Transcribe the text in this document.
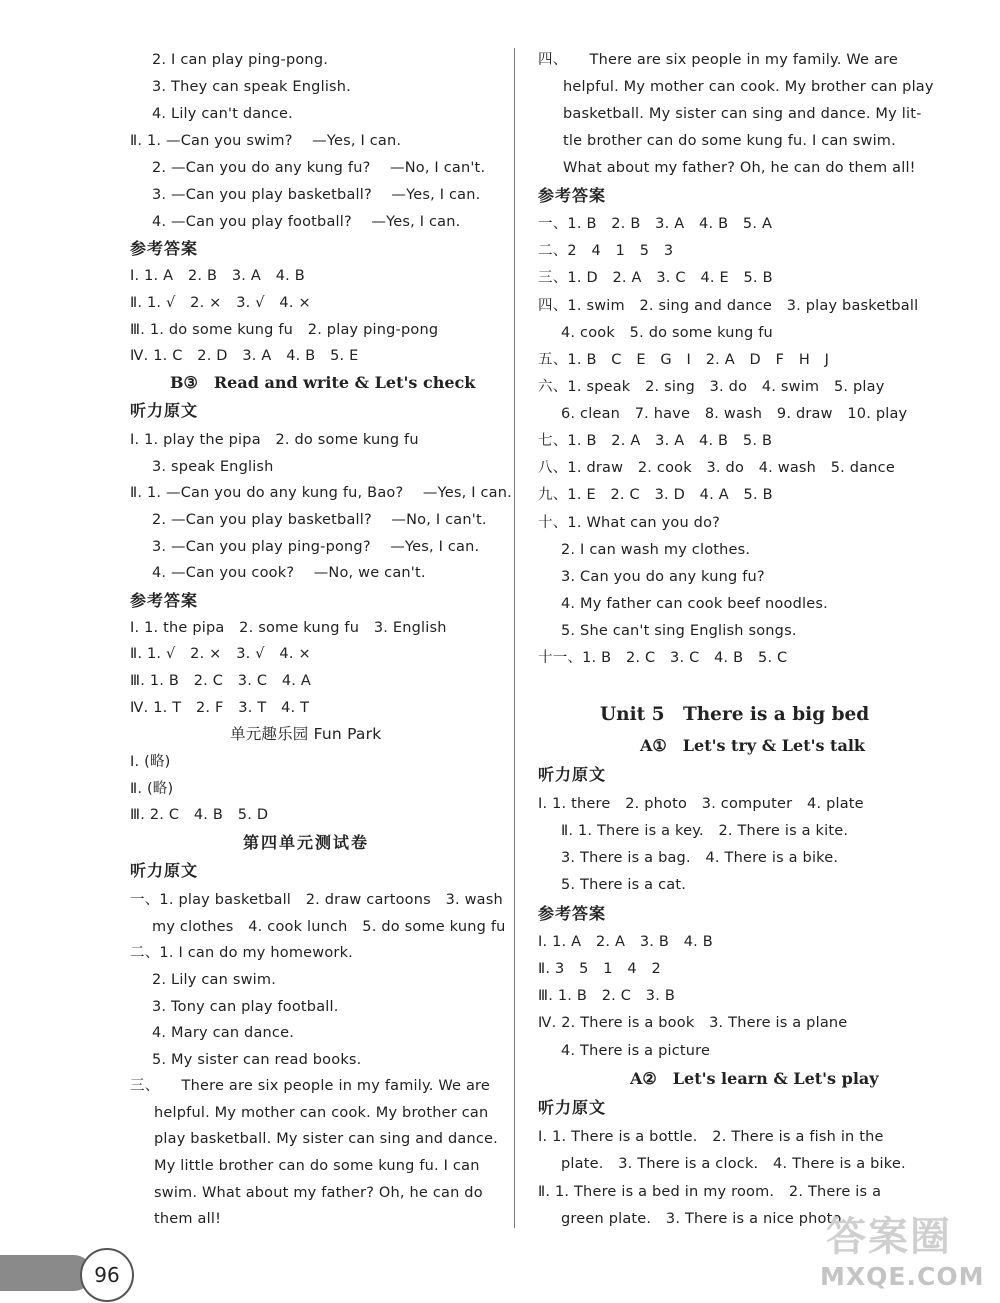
2. I can play ping-pong.
3. They can speak English.
4. Lily can't dance.
Ⅱ. 1. —Can you swim?　 —Yes, I can.
2. —Can you do any kung fu?　 —No, I can't.
3. —Can you play basketball?　 —Yes, I can.
4. —Can you play football?　 —Yes, I can.
参考答案
Ⅰ. 1. A　2. B　3. A　4. B
Ⅱ. 1. √　2. ×　3. √　4. ×
Ⅲ. 1. do some kung fu　2. play ping-pong
Ⅳ. 1. C　2. D　3. A　4. B　5. E
B③　Read and write & Let's check
听力原文
Ⅰ. 1. play the pipa　2. do some kung fu
3. speak English
Ⅱ. 1. —Can you do any kung fu, Bao?　 —Yes, I can.
2. —Can you play basketball?　 —No, I can't.
3. —Can you play ping-pong?　 —Yes, I can.
4. —Can you cook?　 —No, we can't.
参考答案
Ⅰ. 1. the pipa　2. some kung fu　3. English
Ⅱ. 1. √　2. ×　3. √　4. ×
Ⅲ. 1. B　2. C　3. C　4. A
Ⅳ. 1. T　2. F　3. T　4. T
单元趣乐园 Fun Park
Ⅰ. (略)
Ⅱ. (略)
Ⅲ. 2. C　4. B　5. D
第四单元测试卷
听力原文
一、1. play basketball　2. draw cartoons　3. wash
my clothes　4. cook lunch　5. do some kung fu
二、1. I can do my homework.
2. Lily can swim.
3. Tony can play football.
4. Mary can dance.
5. My sister can read books.
三、　　There are six people in my family. We are
helpful. My mother can cook. My brother can
play basketball. My sister can sing and dance.
My little brother can do some kung fu. I can
swim. What about my father? Oh, he can do
them all!
四、　　There are six people in my family. We are
helpful. My mother can cook. My brother can play
basketball. My sister can sing and dance. My lit-
tle brother can do some kung fu. I can swim.
What about my father? Oh, he can do them all!
参考答案
一、1. B　2. B　3. A　4. B　5. A
二、2　4　1　5　3
三、1. D　2. A　3. C　4. E　5. B
四、1. swim　2. sing and dance　3. play basketball
4. cook　5. do some kung fu
五、1. B　C　E　G　I　2. A　D　F　H　J
六、1. speak　2. sing　3. do　4. swim　5. play
6. clean　7. have　8. wash　9. draw　10. play
七、1. B　2. A　3. A　4. B　5. B
八、1. draw　2. cook　3. do　4. wash　5. dance
九、1. E　2. C　3. D　4. A　5. B
十、1. What can you do?
2. I can wash my clothes.
3. Can you do any kung fu?
4. My father can cook beef noodles.
5. She can't sing English songs.
十一、1. B　2. C　3. C　4. B　5. C
Unit 5　There is a big bed
A①　Let's try & Let's talk
听力原文
Ⅰ. 1. there　2. photo　3. computer　4. plate
Ⅱ. 1. There is a key.　2. There is a kite.
3. There is a bag.　4. There is a bike.
5. There is a cat.
参考答案
Ⅰ. 1. A　2. A　3. B　4. B
Ⅱ. 3　5　1　4　2
Ⅲ. 1. B　2. C　3. B
Ⅳ. 2. There is a book　3. There is a plane
4. There is a picture
A②　Let's learn & Let's play
听力原文
Ⅰ. 1. There is a bottle.　2. There is a fish in the
plate.　3. There is a clock.　4. There is a bike.
Ⅱ. 1. There is a bed in my room.　2. There is a
green plate.　3. There is a nice photo.
96
答案圈
MXQE.COM
